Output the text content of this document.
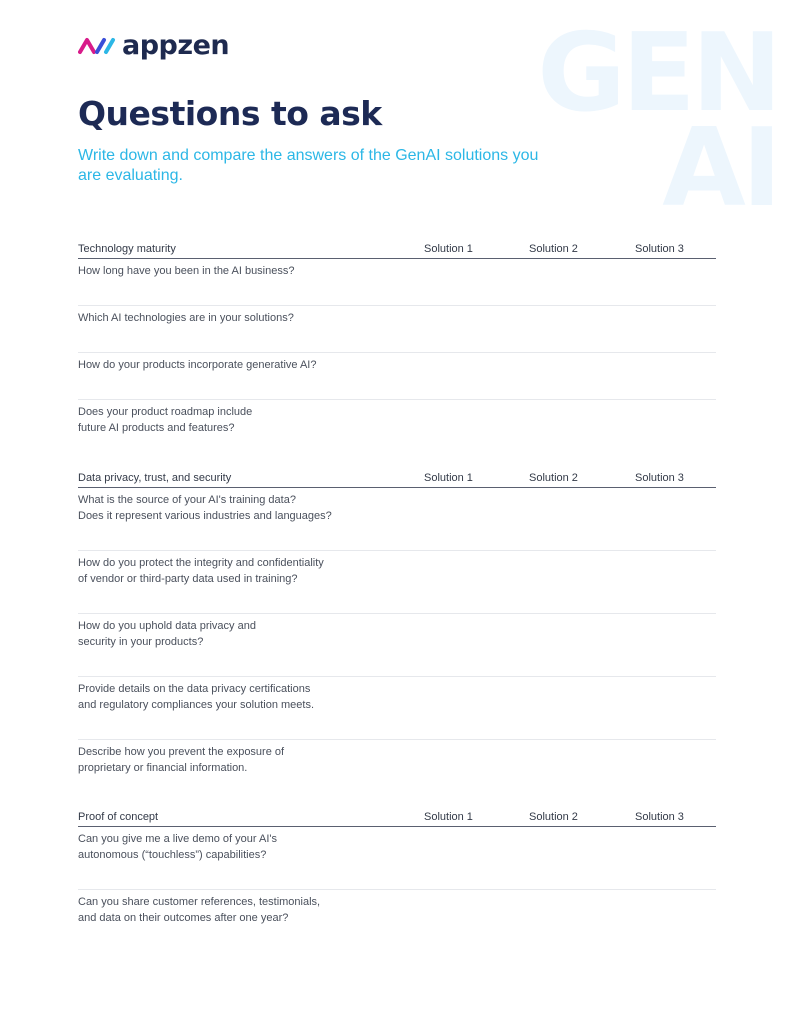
GEN
AI
appzen
Questions to ask

Write down and compare the answers of the GenAI solutions you are evaluating.

Technology maturity	Solution 1	Solution 2	Solution 3
How long have you been in the AI business?
Which AI technologies are in your solutions?
How do your products incorporate generative AI?
Does your product roadmap include
future AI products and features?
Data privacy, trust, and security	Solution 1	Solution 2	Solution 3
What is the source of your AI's training data?
Does it represent various industries and languages?
How do you protect the integrity and confidentiality
of vendor or third-party data used in training?
How do you uphold data privacy and
security in your products?
Provide details on the data privacy certifications
and regulatory compliances your solution meets.
Describe how you prevent the exposure of
proprietary or financial information.
Proof of concept	Solution 1	Solution 2	Solution 3
Can you give me a live demo of your AI's
autonomous (“touchless”) capabilities?
Can you share customer references, testimonials,
and data on their outcomes after one year?
